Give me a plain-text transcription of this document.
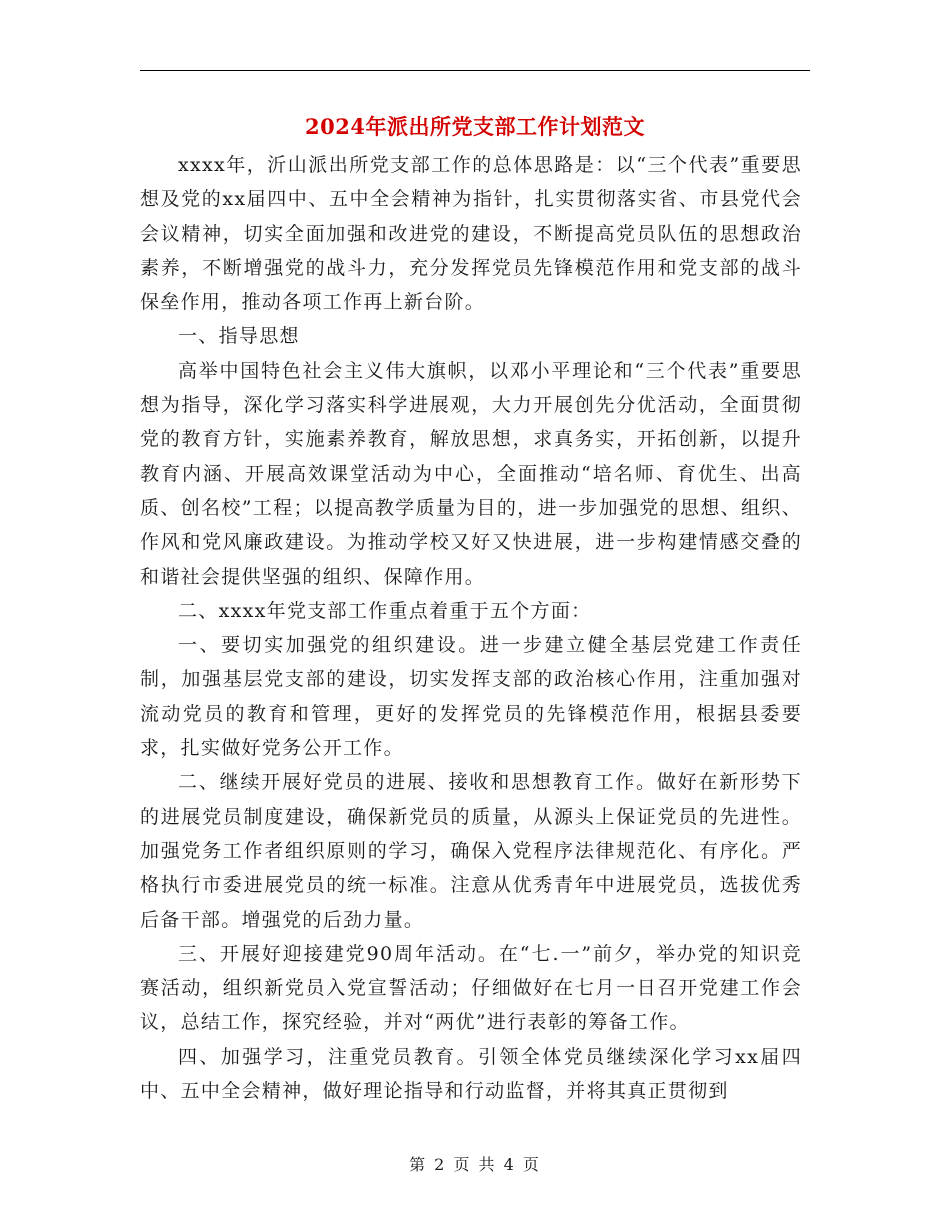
2024年派出所党支部工作计划范文

xxxx年，沂山派出所党支部工作的总体思路是：以“三个代表”重要思想及党的xx届四中、五中全会精神为指针，扎实贯彻落实省、市县党代会会议精神，切实全面加强和改进党的建设，不断提高党员队伍的思想政治素养，不断增强党的战斗力，充分发挥党员先锋模范作用和党支部的战斗保垒作用，推动各项工作再上新台阶。

一、指导思想

高举中国特色社会主义伟大旗帜，以邓小平理论和“三个代表”重要思想为指导，深化学习落实科学进展观，大力开展创先分优活动，全面贯彻党的教育方针，实施素养教育，解放思想，求真务实，开拓创新，以提升教育内涵、开展高效课堂活动为中心，全面推动“培名师、育优生、出高质、创名校”工程；以提高教学质量为目的，进一步加强党的思想、组织、作风和党风廉政建设。为推动学校又好又快进展，进一步构建情感交叠的和谐社会提供坚强的组织、保障作用。

二、xxxx年党支部工作重点着重于五个方面：

一、要切实加强党的组织建设。进一步建立健全基层党建工作责任制，加强基层党支部的建设，切实发挥支部的政治核心作用，注重加强对流动党员的教育和管理，更好的发挥党员的先锋模范作用，根据县委要求，扎实做好党务公开工作。

二、继续开展好党员的进展、接收和思想教育工作。做好在新形势下的进展党员制度建设，确保新党员的质量，从源头上保证党员的先进性。加强党务工作者组织原则的学习，确保入党程序法律规范化、有序化。严格执行市委进展党员的统一标准。注意从优秀青年中进展党员，选拔优秀后备干部。增强党的后劲力量。

三、开展好迎接建党90周年活动。在“七.一”前夕，举办党的知识竞赛活动，组织新党员入党宣誓活动；仔细做好在七月一日召开党建工作会议，总结工作，探究经验，并对“两优”进行表彰的筹备工作。

四、加强学习，注重党员教育。引领全体党员继续深化学习xx届四中、五中全会精神，做好理论指导和行动监督，并将其真正贯彻到

第 2 页 共 4 页
